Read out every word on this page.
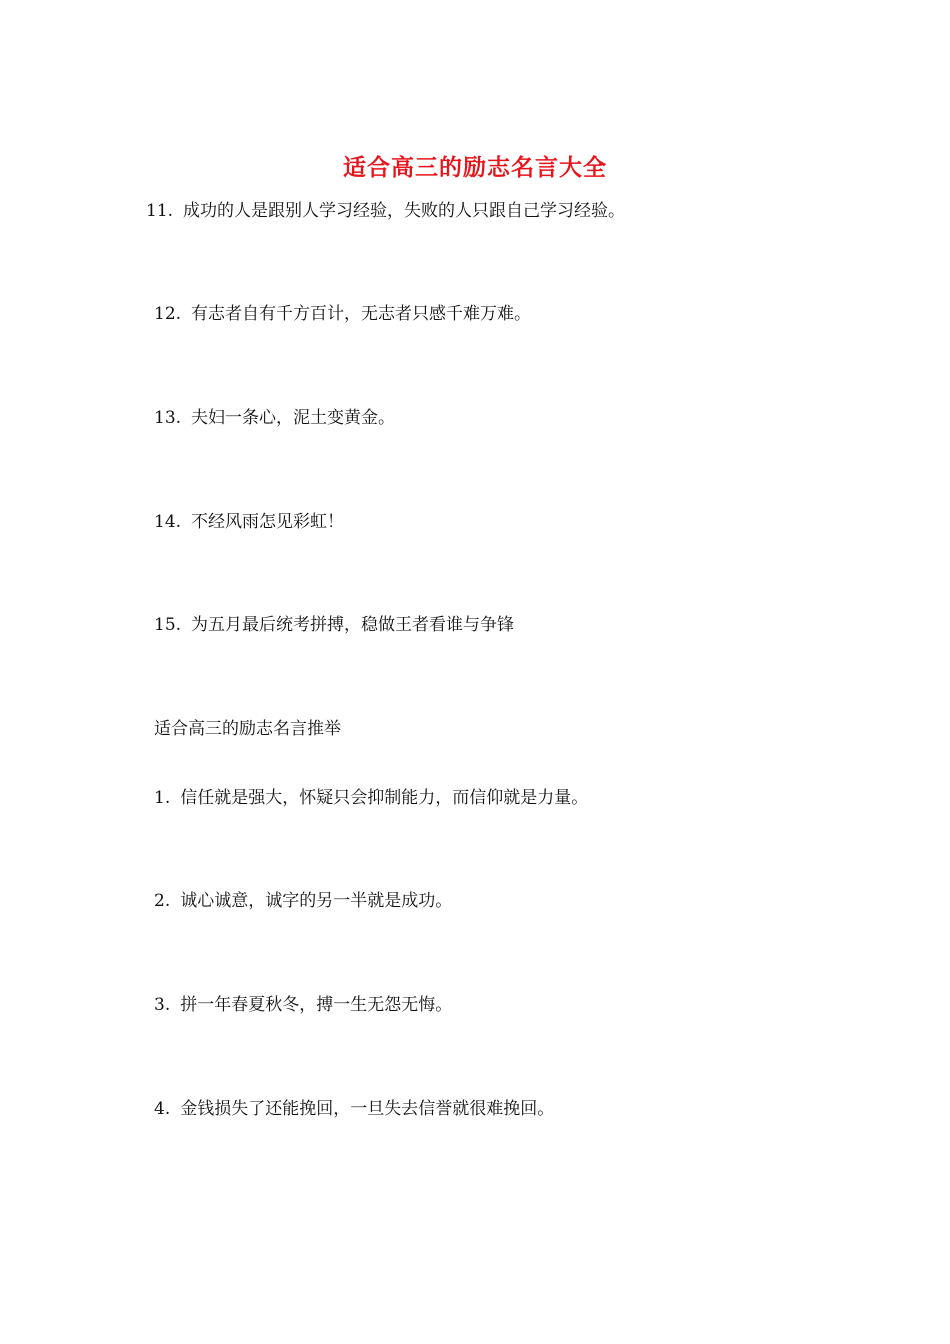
适合高三的励志名言大全
11. 成功的人是跟别人学习经验，失败的人只跟自己学习经验。
12. 有志者自有千方百计，无志者只感千难万难。
13. 夫妇一条心，泥土变黄金。
14. 不经风雨怎见彩虹！
15. 为五月最后统考拼搏，稳做王者看谁与争锋
适合高三的励志名言推举
1. 信任就是强大，怀疑只会抑制能力，而信仰就是力量。
2. 诚心诚意，诚字的另一半就是成功。
3. 拼一年春夏秋冬，搏一生无怨无悔。
4. 金钱损失了还能挽回，一旦失去信誉就很难挽回。
